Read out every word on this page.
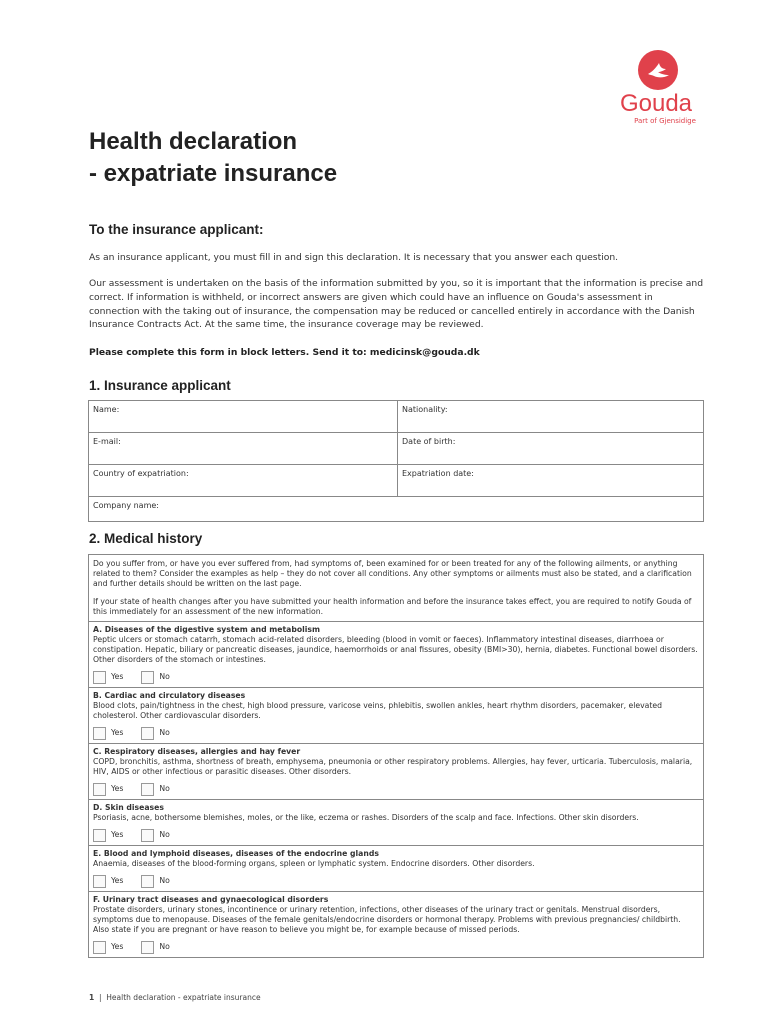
Gouda
Part of Gjensidige
Health declaration
- expatriate insurance
To the insurance applicant:
As an insurance applicant, you must fill in and sign this declaration. It is necessary that you answer each question.
Our assessment is undertaken on the basis of the information submitted by you, so it is important that the information is precise and correct. If information is withheld, or incorrect answers are given which could have an influence on Gouda's assessment in connection with the taking out of insurance, the compensation may be reduced or cancelled entirely in accordance with the Danish Insurance Contracts Act. At the same time, the insurance coverage may be reviewed.
Please complete this form in block letters. Send it to: medicinsk@gouda.dk
1. Insurance applicant
Name:	Nationality:
E-mail:	Date of birth:
Country of expatriation:	Expatriation date:
Company name:	
2. Medical history

Do you suffer from, or have you ever suffered from, had symptoms of, been examined for or been treated for any of the following ailments, or anything related to them? Consider the examples as help – they do not cover all conditions. Any other symptoms or ailments must also be stated, and a clarification and further details should be written on the last page.

If your state of health changes after you have submitted your health information and before the insurance takes effect, you are required to notify Gouda of this immediately for an assessment of the new information.

A. Diseases of the digestive system and metabolism
Peptic ulcers or stomach catarrh, stomach acid-related disorders, bleeding (blood in vomit or faeces). Inflammatory intestinal diseases, diarrhoea or constipation. Hepatic, biliary or pancreatic diseases, jaundice, haemorrhoids or anal fissures, obesity (BMI>30), hernia, diabetes. Functional bowel disorders. Other disorders of the stomach or intestines.
Yes	No
B. Cardiac and circulatory diseases
Blood clots, pain/tightness in the chest, high blood pressure, varicose veins, phlebitis, swollen ankles, heart rhythm disorders, pacemaker, elevated cholesterol. Other cardiovascular disorders.
Yes	No
C. Respiratory diseases, allergies and hay fever
COPD, bronchitis, asthma, shortness of breath, emphysema, pneumonia or other respiratory problems. Allergies, hay fever, urticaria. Tuberculosis, malaria, HIV, AIDS or other infectious or parasitic diseases. Other disorders.
Yes	No
D. Skin diseases
Psoriasis, acne, bothersome blemishes, moles, or the like, eczema or rashes. Disorders of the scalp and face. Infections. Other skin disorders.
Yes	No
E. Blood and lymphoid diseases, diseases of the endocrine glands
Anaemia, diseases of the blood-forming organs, spleen or lymphatic system. Endocrine disorders. Other disorders.
Yes	No
F. Urinary tract diseases and gynaecological disorders
Prostate disorders, urinary stones, incontinence or urinary retention, infections, other diseases of the urinary tract or genitals. Menstrual disorders, symptoms due to menopause. Diseases of the female genitals/endocrine disorders or hormonal therapy. Problems with previous pregnancies/ childbirth. Also state if you are pregnant or have reason to believe you might be, for example because of missed periods.
Yes	No
1  |  Health declaration - expatriate insurance
